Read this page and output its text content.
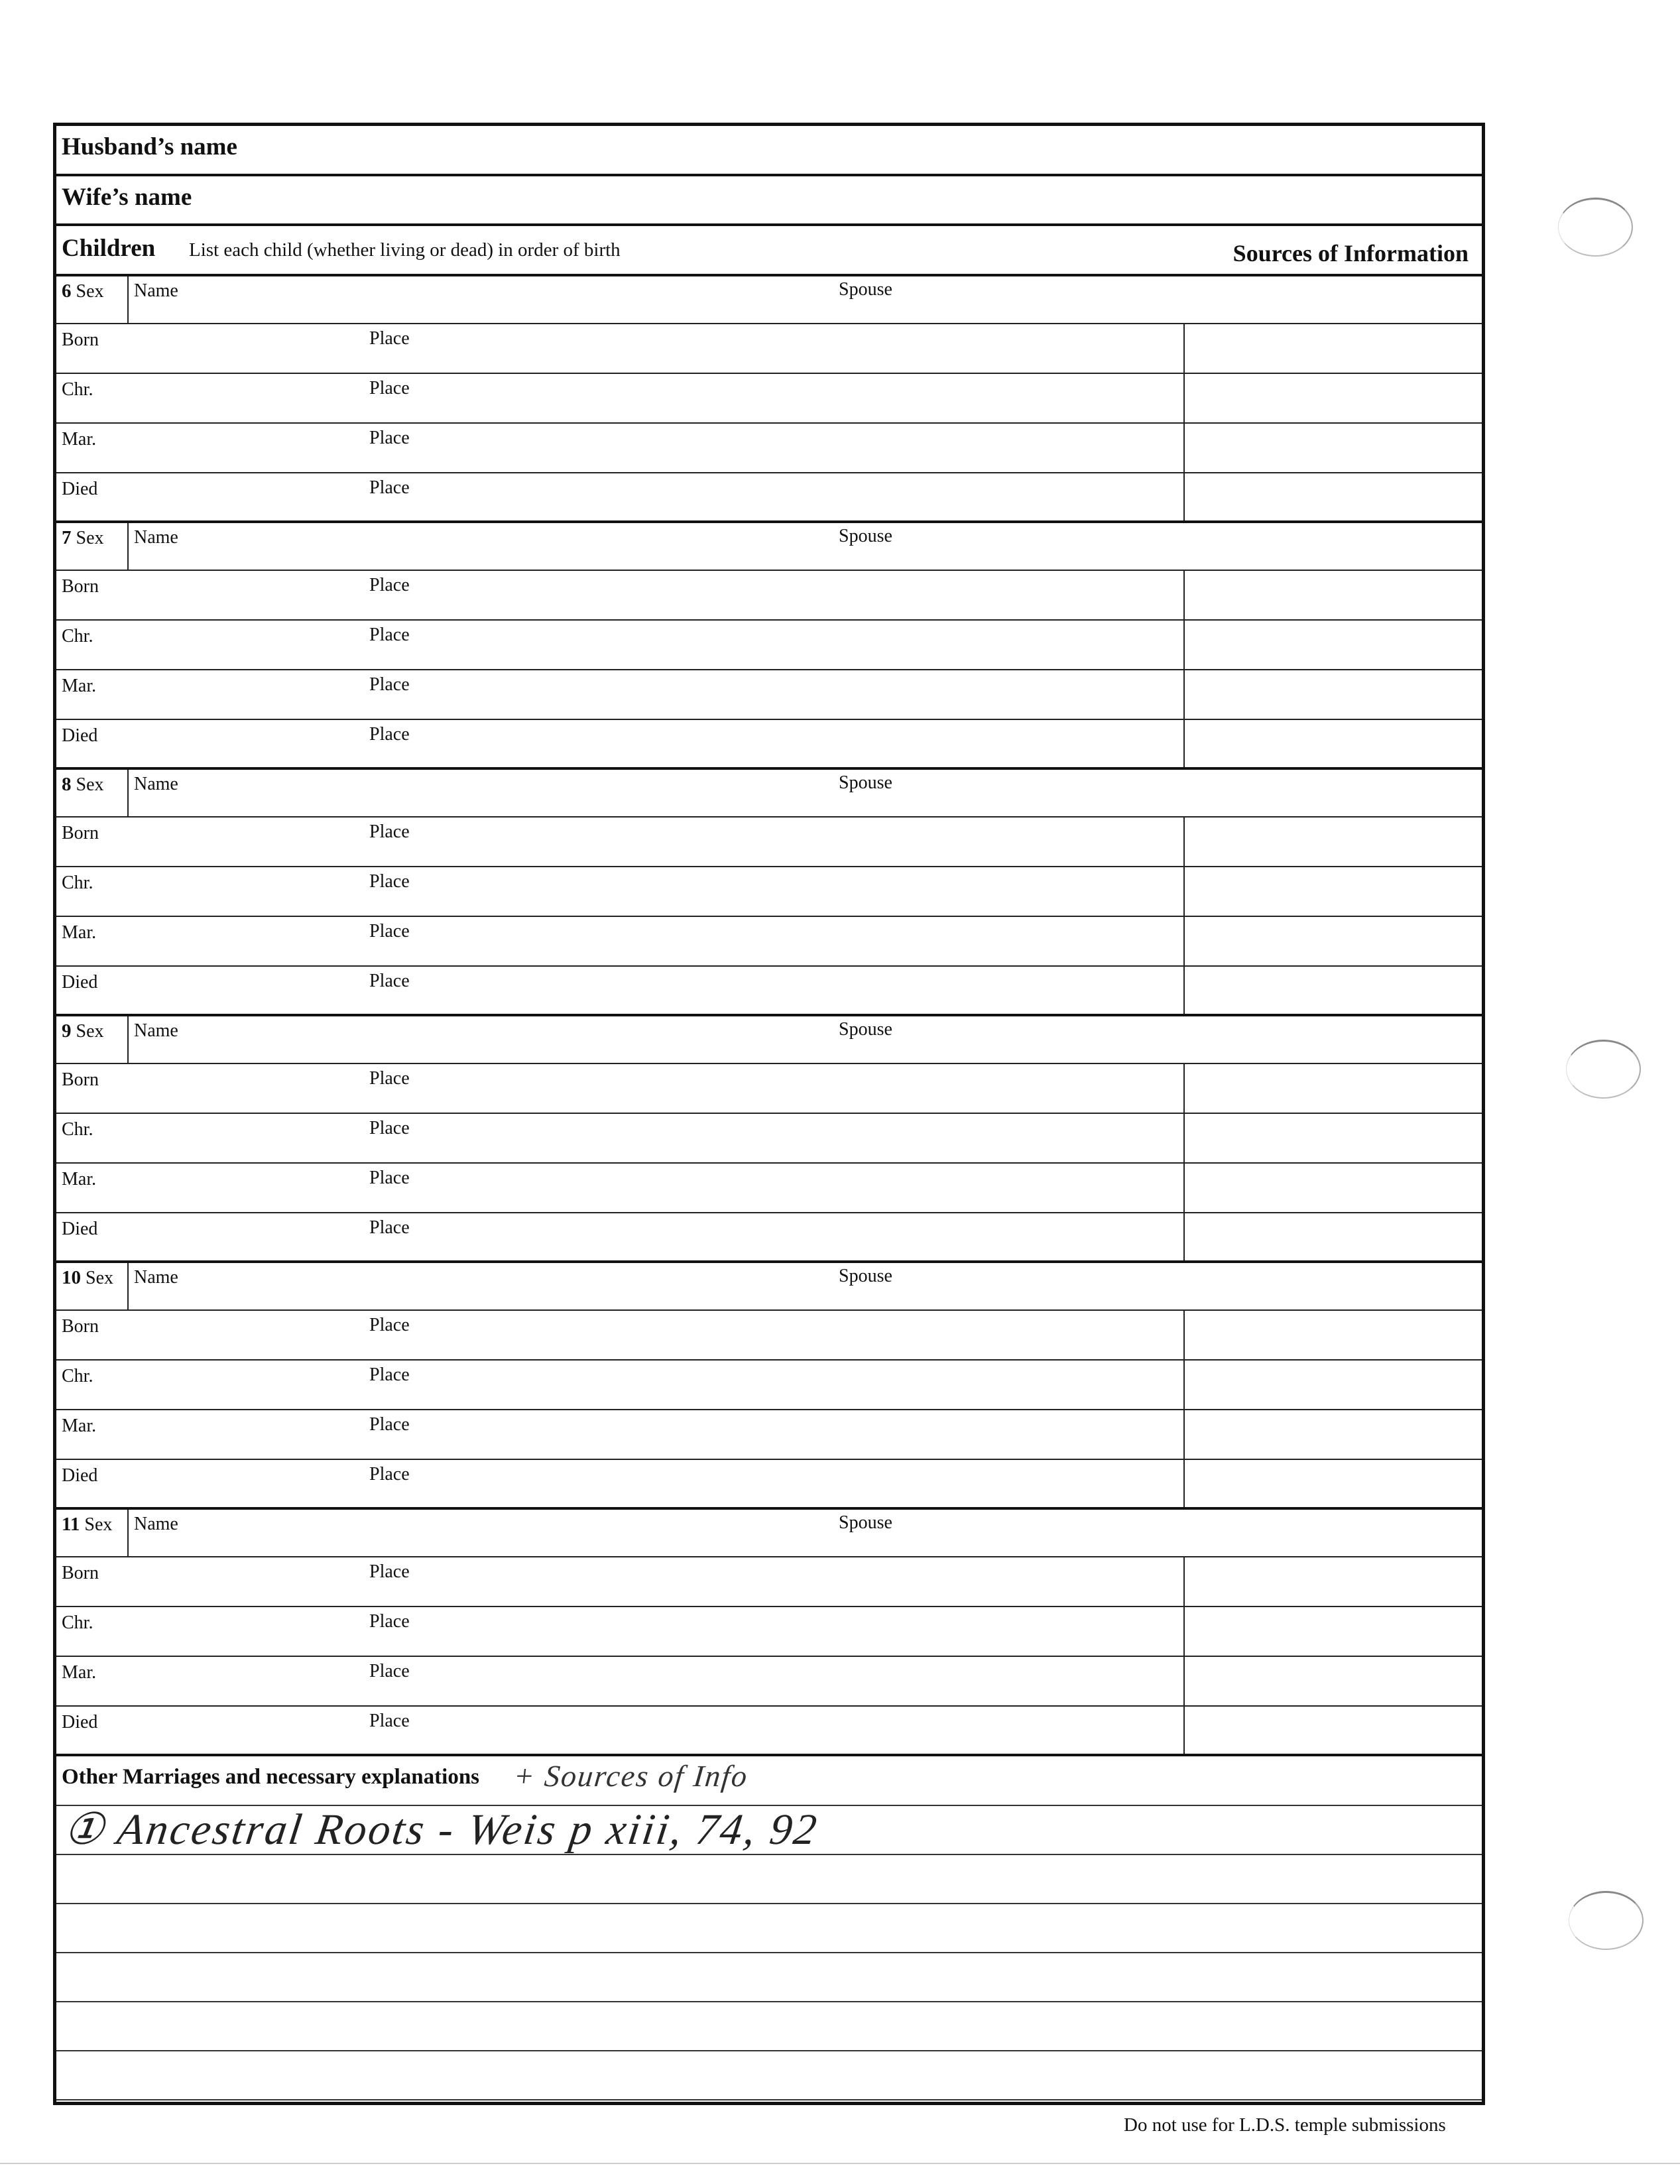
Husband’s name
Wife’s name
Children List each child (whether living or dead) in order of birth	Sources of Information
6 Sex Name	Spouse
Born	Place
Chr.	Place
Mar.	Place
Died	Place
7 Sex Name	Spouse
Born	Place
Chr.	Place
Mar.	Place
Died	Place
8 Sex Name	Spouse
Born	Place
Chr.	Place
Mar.	Place
Died	Place
9 Sex Name	Spouse
Born	Place
Chr.	Place
Mar.	Place
Died	Place
10 Sex Name	Spouse
Born	Place
Chr.	Place
Mar.	Place
Died	Place
11 Sex Name	Spouse
Born	Place
Chr.	Place
Mar.	Place
Died	Place
Other Marriages and necessary explanations + Sources of Info
① Ancestral Roots - Weis p xiii, 74, 92
Do not use for L.D.S. temple submissions
